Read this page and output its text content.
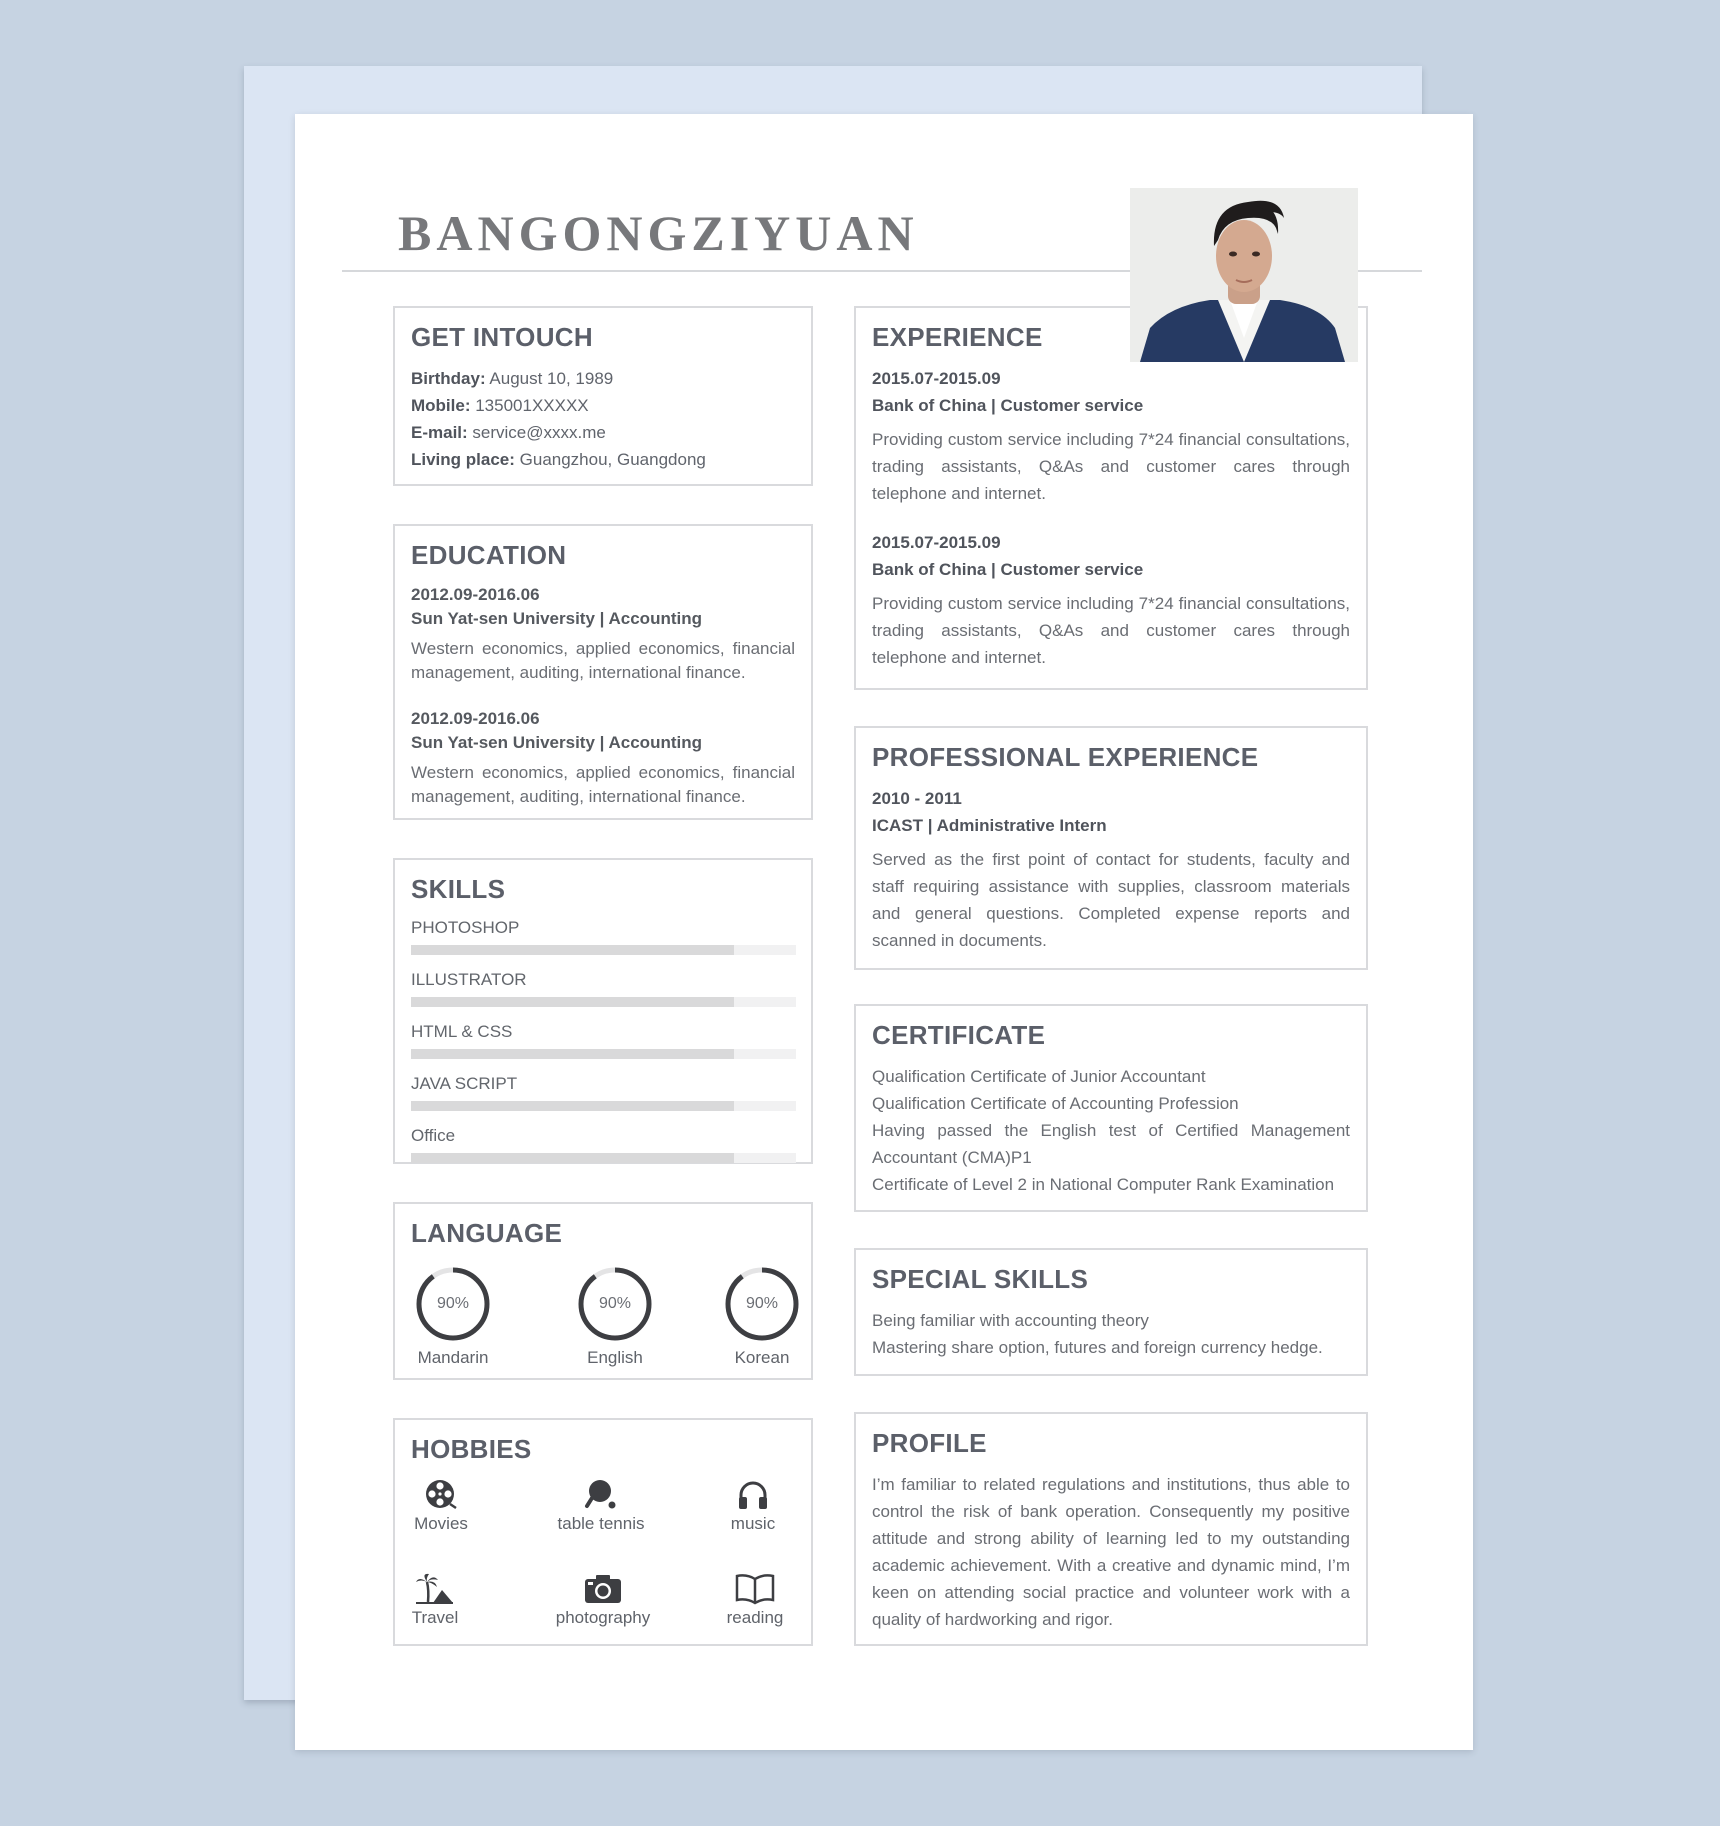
BANGONGZIYUAN
GET INTOUCH
Birthday: August 10, 1989
Mobile: 135001XXXXX
E-mail: service@xxxx.me
Living place: Guangzhou, Guangdong
EDUCATION
2012.09-2016.06
Sun Yat-sen University | Accounting
Western economics, applied economics, financial management, auditing, international finance.
2012.09-2016.06
Sun Yat-sen University | Accounting
Western economics, applied economics, financial management, auditing, international finance.
SKILLS
PHOTOSHOP
ILLUSTRATOR
HTML & CSS
JAVA SCRIPT
Office
LANGUAGE
90%
Mandarin
90%
English
90%
Korean
HOBBIES
Movies	table tennis	music
Travel	photography	reading
EXPERIENCE
2015.07-2015.09
Bank of China | Customer service
Providing custom service including 7*24 financial consultations, trading assistants, Q&As and customer cares through telephone and internet.
2015.07-2015.09
Bank of China | Customer service
Providing custom service including 7*24 financial consultations, trading assistants, Q&As and customer cares through telephone and internet.
PROFESSIONAL EXPERIENCE
2010 - 2011
ICAST | Administrative Intern
Served as the first point of contact for students, faculty and staff requiring assistance with supplies, classroom materials and general questions. Completed expense reports and scanned in documents.
CERTIFICATE
Qualification Certificate of Junior Accountant
Qualification Certificate of Accounting Profession
Having passed the English test of Certified Management Accountant (CMA)P1
Certificate of Level 2 in National Computer Rank Examination
SPECIAL SKILLS
Being familiar with accounting theory
Mastering share option, futures and foreign currency hedge.
PROFILE
I’m familiar to related regulations and institutions, thus able to control the risk of bank operation. Consequently my positive attitude and strong ability of learning led to my outstanding academic achievement. With a creative and dynamic mind, I’m keen on attending social practice and volunteer work with a quality of hardworking and rigor.
